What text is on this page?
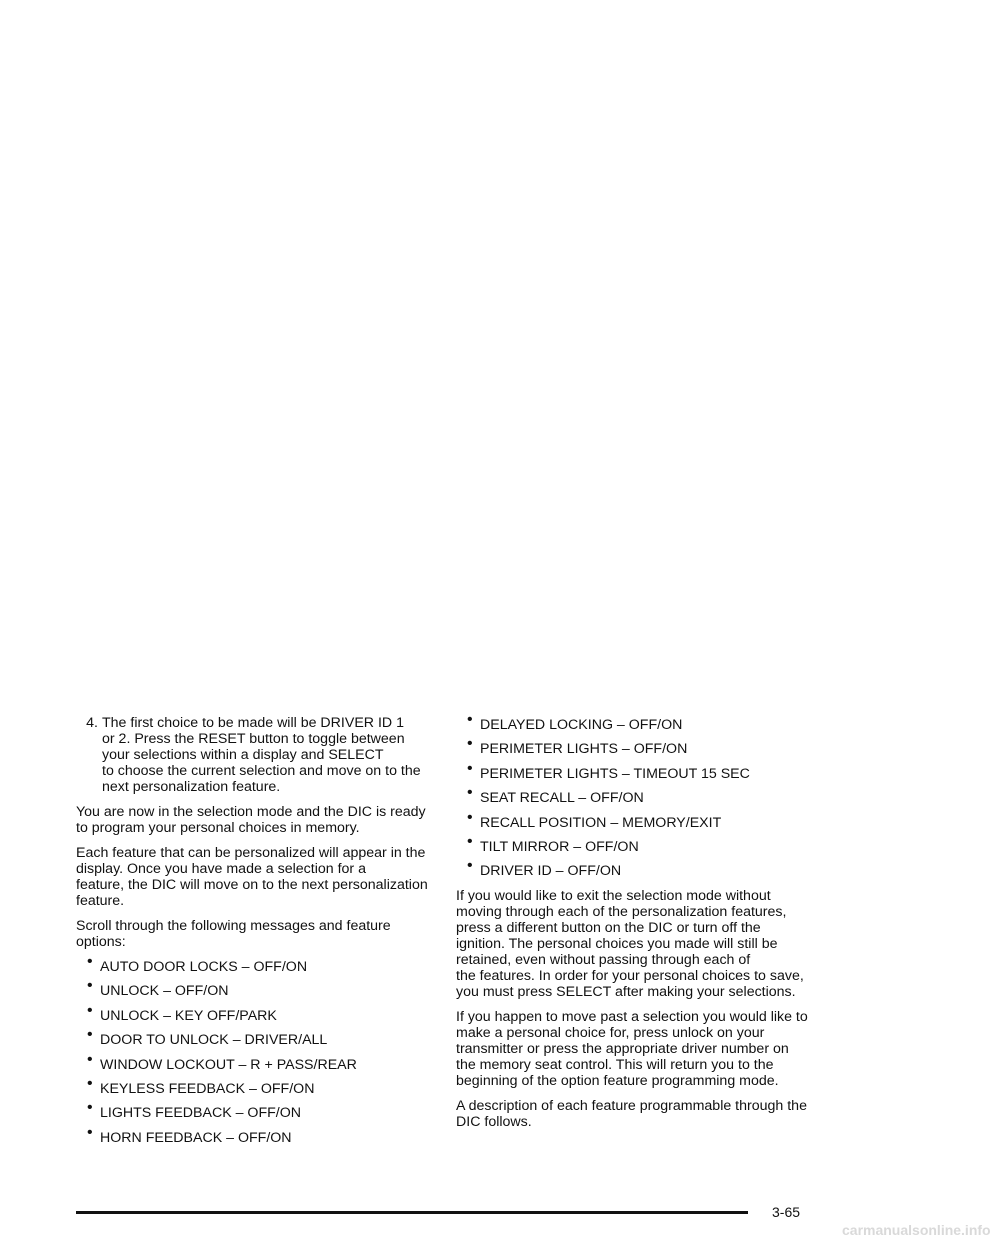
4. The first choice to be made will be DRIVER ID 1
or 2. Press the RESET button to toggle between
your selections within a display and SELECT
to choose the current selection and move on to the
next personalization feature.

You are now in the selection mode and the DIC is ready
to program your personal choices in memory.

Each feature that can be personalized will appear in the
display. Once you have made a selection for a
feature, the DIC will move on to the next personalization
feature.

Scroll through the following messages and feature
options:

• AUTO DOOR LOCKS – OFF/ON
• UNLOCK – OFF/ON
• UNLOCK – KEY OFF/PARK
• DOOR TO UNLOCK – DRIVER/ALL
• WINDOW LOCKOUT – R + PASS/REAR
• KEYLESS FEEDBACK – OFF/ON
• LIGHTS FEEDBACK – OFF/ON
• HORN FEEDBACK – OFF/ON
• DELAYED LOCKING – OFF/ON
• PERIMETER LIGHTS – OFF/ON
• PERIMETER LIGHTS – TIMEOUT 15 SEC
• SEAT RECALL – OFF/ON
• RECALL POSITION – MEMORY/EXIT
• TILT MIRROR – OFF/ON
• DRIVER ID – OFF/ON

If you would like to exit the selection mode without
moving through each of the personalization features,
press a different button on the DIC or turn off the
ignition. The personal choices you made will still be
retained, even without passing through each of
the features. In order for your personal choices to save,
you must press SELECT after making your selections.

If you happen to move past a selection you would like to
make a personal choice for, press unlock on your
transmitter or press the appropriate driver number on
the memory seat control. This will return you to the
beginning of the option feature programming mode.

A description of each feature programmable through the
DIC follows.

3-65
carmanualsonline.info
